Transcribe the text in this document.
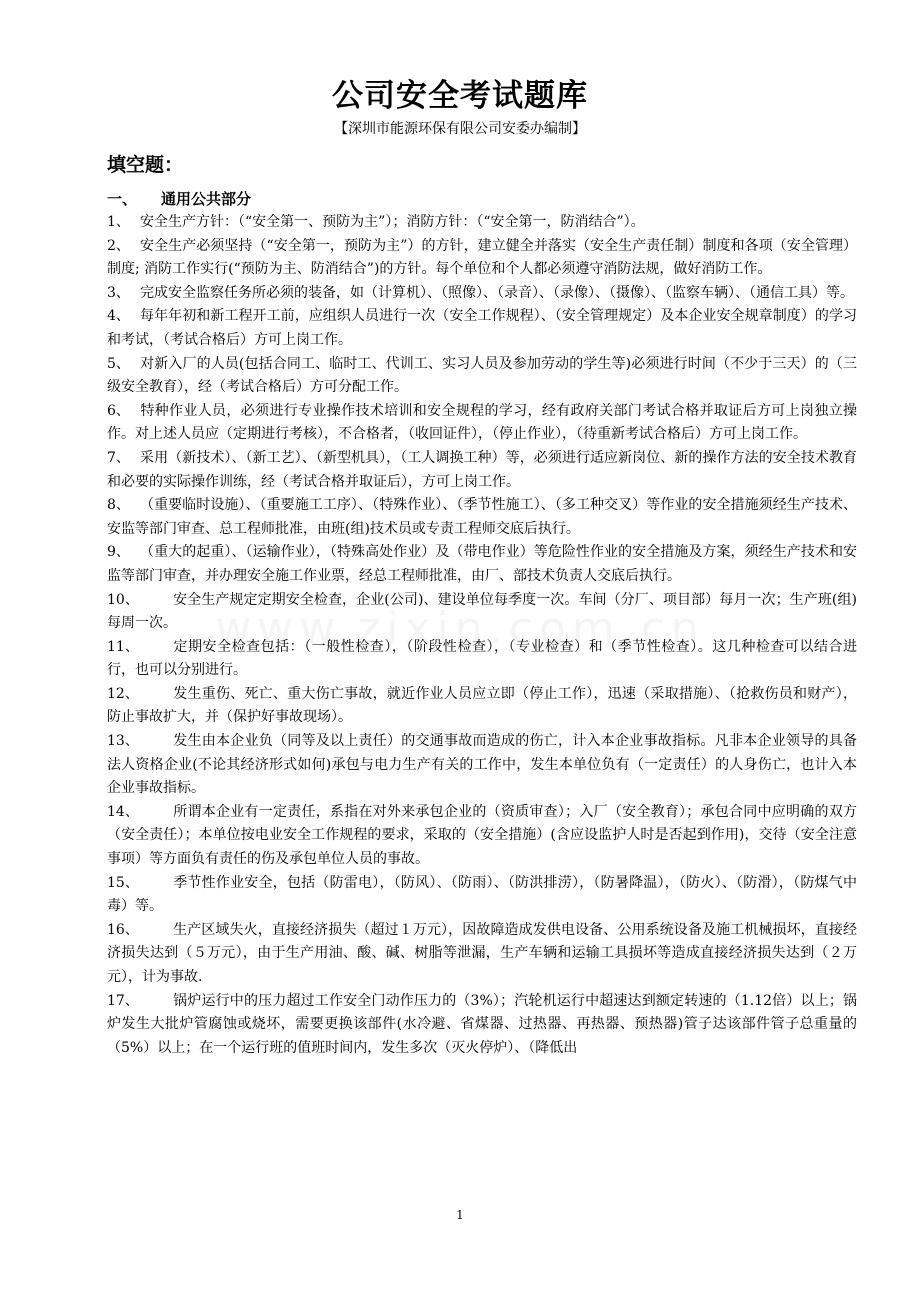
公司安全考试题库
【深圳市能源环保有限公司安委办编制】
填空题：
一、 通用公共部分

1、 安全生产方针：（“安全第一、预防为主”）；消防方针：（“安全第一，防消结合”）。

2、 安全生产必须坚持（“安全第一，预防为主”）的方针，建立健全并落实（安全生产责任制）制度和各项（安全管理）制度; 消防工作实行(“预防为主、防消结合”)的方针。每个单位和个人都必须遵守消防法规，做好消防工作。

3、 完成安全监察任务所必须的装备，如（计算机）、（照像）、（录音）、（录像）、（摄像）、（监察车辆）、（通信工具）等。

4、 每年年初和新工程开工前，应组织人员进行一次（安全工作规程）、（安全管理规定）及本企业安全规章制度）的学习和考试，（考试合格后）方可上岗工作。

5、 对新入厂的人员(包括合同工、临时工、代训工、实习人员及参加劳动的学生等)必须进行时间（不少于三天）的（三级安全教育），经（考试合格后）方可分配工作。

6、 特种作业人员，必须进行专业操作技术培训和安全规程的学习，经有政府关部门考试合格并取证后方可上岗独立操作。对上述人员应（定期进行考核），不合格者，（收回证件），（停止作业），（待重新考试合格后）方可上岗工作。

7、 采用（新技术）、（新工艺）、（新型机具），（工人调换工种）等，必须进行适应新岗位、新的操作方法的安全技术教育和必要的实际操作训练，经（考试合格并取证后），方可上岗工作。

8、 （重要临时设施）、（重要施工工序）、（特殊作业）、（季节性施工）、（多工种交叉）等作业的安全措施须经生产技术、安监等部门审查、总工程师批准，由班(组)技术员或专责工程师交底后执行。

9、 （重大的起重）、（运输作业），（特殊高处作业）及（带电作业）等危险性作业的安全措施及方案，须经生产技术和安监等部门审查，并办理安全施工作业票，经总工程师批准，由厂、部技术负责人交底后执行。

10、 安全生产规定定期安全检查，企业(公司)、建设单位每季度一次。车间（分厂、项目部）每月一次；生产班(组)每周一次。

11、 定期安全检查包括：（一般性检查），（阶段性检查），（专业检查）和（季节性检查）。这几种检查可以结合进行，也可以分别进行。

12、 发生重伤、死亡、重大伤亡事故，就近作业人员应立即（停止工作），迅速（采取措施）、（抢救伤员和财产），防止事故扩大，并（保护好事故现场）。

13、 发生由本企业负（同等及以上责任）的交通事故而造成的伤亡，计入本企业事故指标。凡非本企业领导的具备法人资格企业(不论其经济形式如何)承包与电力生产有关的工作中，发生本单位负有（一定责任）的人身伤亡，也计入本企业事故指标。

14、 所谓本企业有一定责任，系指在对外来承包企业的（资质审查）；入厂（安全教育）；承包合同中应明确的双方（安全责任）；本单位按电业安全工作规程的要求，采取的（安全措施）(含应设监护人时是否起到作用)，交待（安全注意事项）等方面负有责任的伤及承包单位人员的事故。

15、 季节性作业安全，包括（防雷电），（防风）、（防雨）、（防洪排涝），（防暑降温），（防火）、（防滑），（防煤气中毒）等。

16、 生产区域失火，直接经济损失（超过１万元），因故障造成发供电设备、公用系统设备及施工机械损坏，直接经济损失达到（５万元），由于生产用油、酸、碱、树脂等泄漏，生产车辆和运输工具损坏等造成直接经济损失达到（２万元），计为事故.

17、 锅炉运行中的压力超过工作安全门动作压力的（3%）；汽轮机运行中超速达到额定转速的（1.12倍）以上；锅炉发生大批炉管腐蚀或烧坏，需要更换该部件(水冷避、省煤器、过热器、再热器、预热器)管子达该部件管子总重量的（5%）以上；在一个运行班的值班时间内，发生多次（灭火停炉）、（降低出

1
